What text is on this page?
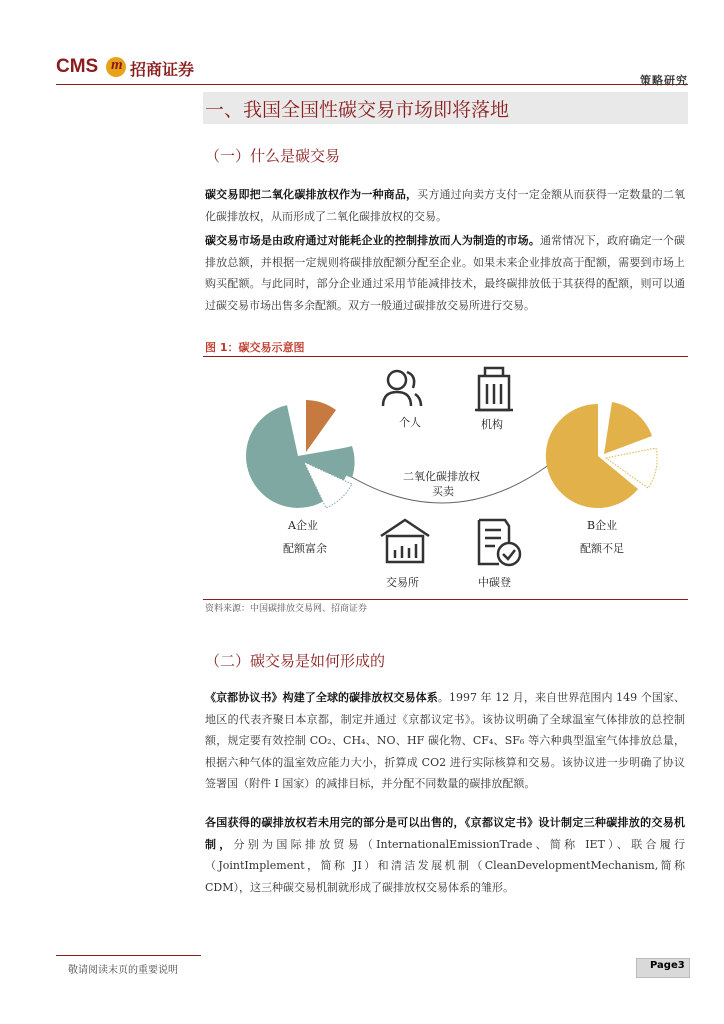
CMS m 招商证券
策略研究
一、我国全国性碳交易市场即将落地
（一）什么是碳交易
碳交易即把二氧化碳排放权作为一种商品，买方通过向卖方支付一定金额从而获得一定数量的二氧化碳排放权，从而形成了二氧化碳排放权的交易。
碳交易市场是由政府通过对能耗企业的控制排放而人为制造的市场。通常情况下，政府确定一个碳排放总额，并根据一定规则将碳排放配额分配至企业。如果未来企业排放高于配额，需要到市场上购买配额。与此同时，部分企业通过采用节能减排技术，最终碳排放低于其获得的配额，则可以通过碳交易市场出售多余配额。双方一般通过碳排放交易所进行交易。
图 1：碳交易示意图
个人	机构
二氧化碳排放权
买卖
A企业
配额富余
B企业
配额不足
交易所	中碳登
资料来源：中国碳排放交易网、招商证券
（二）碳交易是如何形成的
《京都协议书》构建了全球的碳排放权交易体系。1997 年 12 月，来自世界范围内 149 个国家、地区的代表齐聚日本京都，制定并通过《京都议定书》。该协议明确了全球温室气体排放的总控制额，规定要有效控制 CO₂、CH₄、NO、HF 碳化物、CF₄、SF₆ 等六种典型温室气体排放总量，根据六种气体的温室效应能力大小，折算成 CO2 进行实际核算和交易。该协议进一步明确了协议签署国（附件 I 国家）的减排目标，并分配不同数量的碳排放配额。
各国获得的碳排放权若未用完的部分是可以出售的，《京都议定书》设计制定三种碳排放的交易机制，分别为国际排放贸易（InternationalEmissionTrade、简称 IET）、联合履行（JointImplement，简称 JI）和清洁发展机制（CleanDevelopmentMechanism,简称 CDM），这三种碳交易机制就形成了碳排放权交易体系的雏形。
敬请阅读末页的重要说明	Page3
